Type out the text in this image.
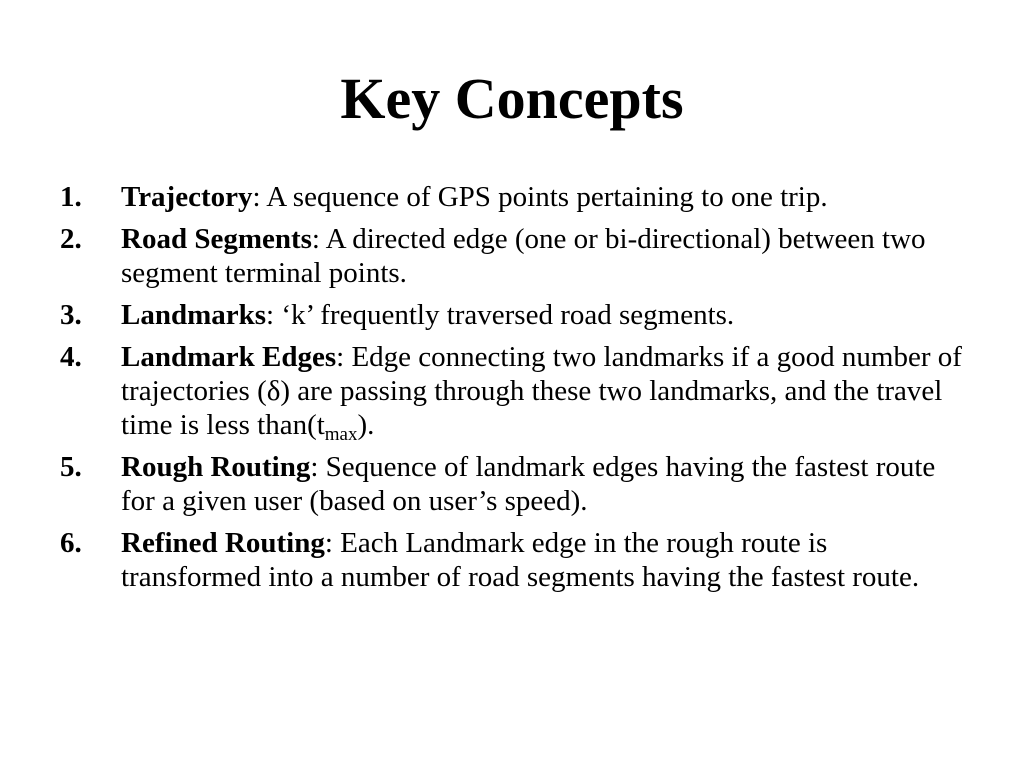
Key Concepts
1. Trajectory: A sequence of GPS points pertaining to one trip.
2. Road Segments: A directed edge (one or bi-directional) between two segment terminal points.
3. Landmarks: ‘k’ frequently traversed road segments.
4. Landmark Edges: Edge connecting two landmarks if a good number of trajectories (δ) are passing through these two landmarks, and the travel time is less $than(t_{max})$.
5. Rough Routing: Sequence of landmark edges having the fastest route for a given user (based on user’s speed).
6. Refined Routing: Each Landmark edge in the rough route is transformed into a number of road segments having the fastest route.
